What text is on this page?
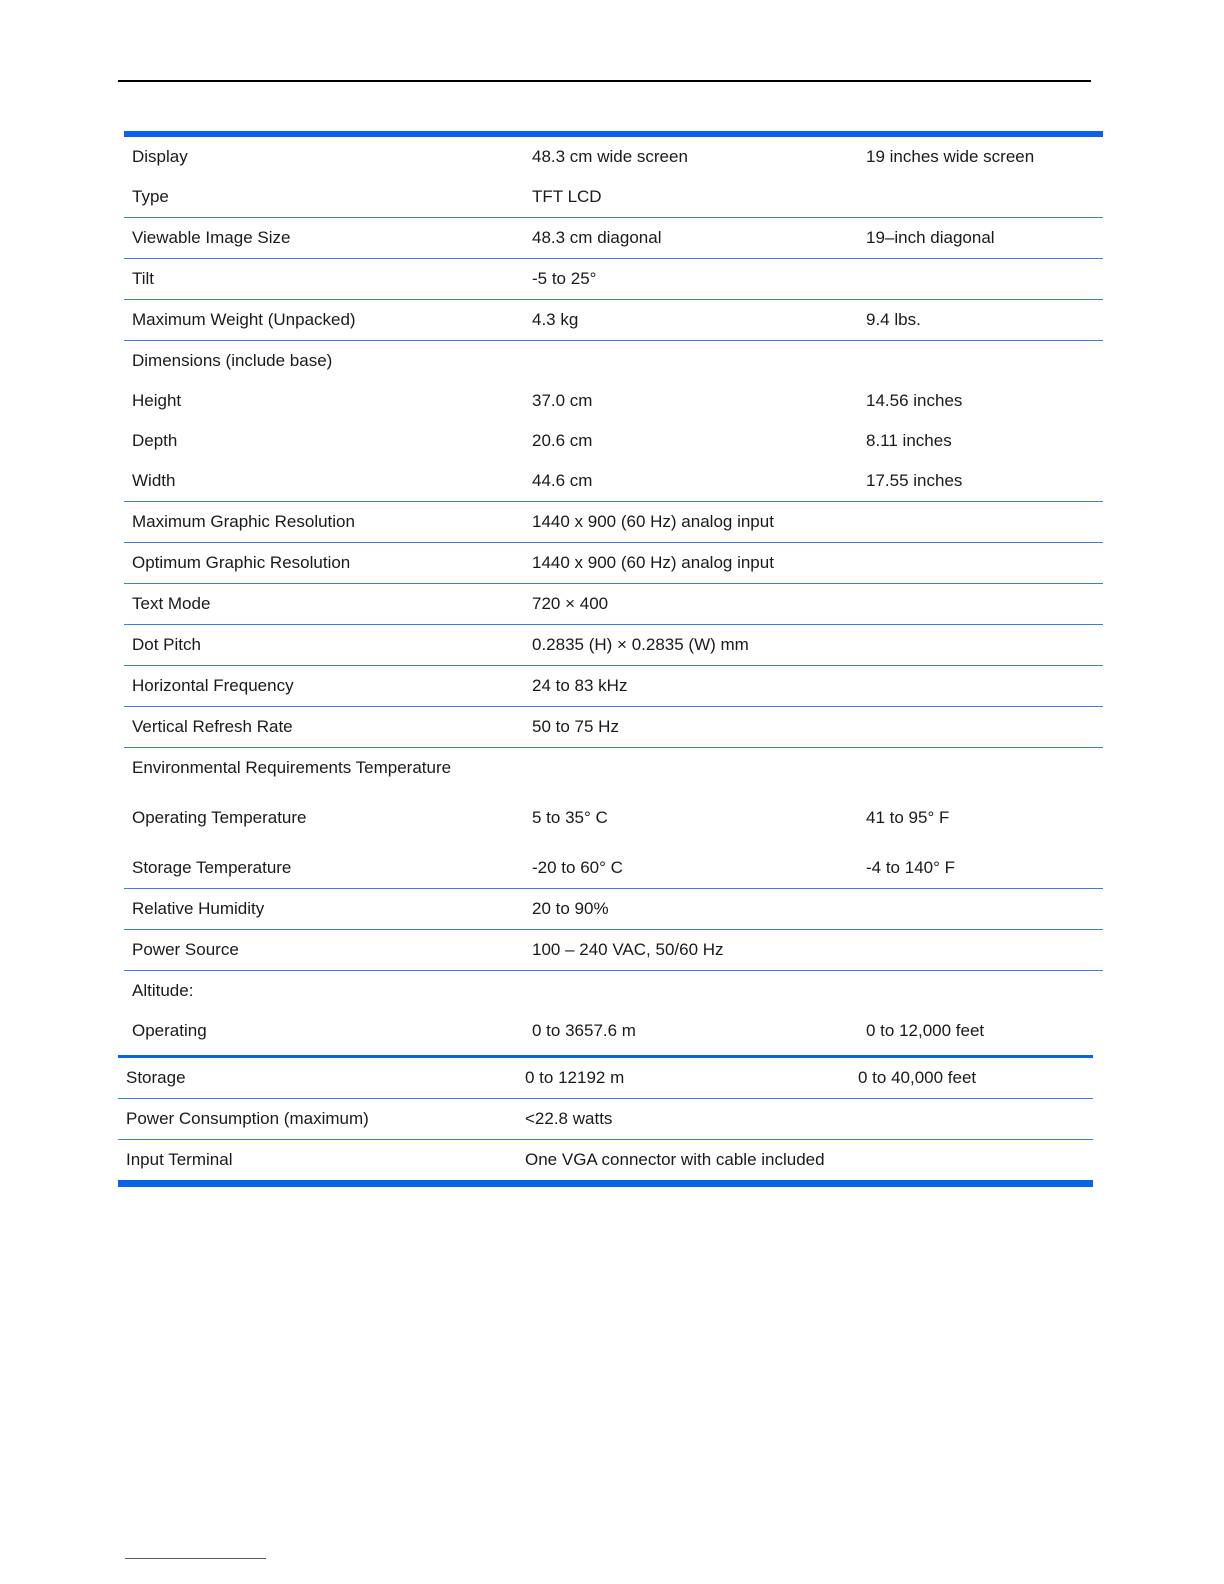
Display	48.3 cm wide screen	19 inches wide screen
Type	TFT LCD	
Viewable Image Size	48.3 cm diagonal	19–inch diagonal
Tilt	-5 to 25°	
Maximum Weight (Unpacked)	4.3 kg	9.4 lbs.
Dimensions (include base)		
Height	37.0 cm	14.56 inches
Depth	20.6 cm	8.11 inches
Width	44.6 cm	17.55 inches
Maximum Graphic Resolution	1440 x 900 (60 Hz) analog input	
Optimum Graphic Resolution	1440 x 900 (60 Hz) analog input	
Text Mode	720 × 400	
Dot Pitch	0.2835 (H) × 0.2835 (W) mm	
Horizontal Frequency	24 to 83 kHz	
Vertical Refresh Rate	50 to 75 Hz	
Environmental Requirements Temperature		
Operating Temperature	5 to 35° C	41 to 95° F
Storage Temperature	-20 to 60° C	-4 to 140° F
Relative Humidity	20 to 90%	
Power Source	100 – 240 VAC, 50/60 Hz	
Altitude:		
Operating	0 to 3657.6 m	0 to 12,000 feet
Storage	0 to 12192 m	0 to 40,000 feet
Power Consumption (maximum)	<22.8 watts	
Input Terminal	One VGA connector with cable included	
